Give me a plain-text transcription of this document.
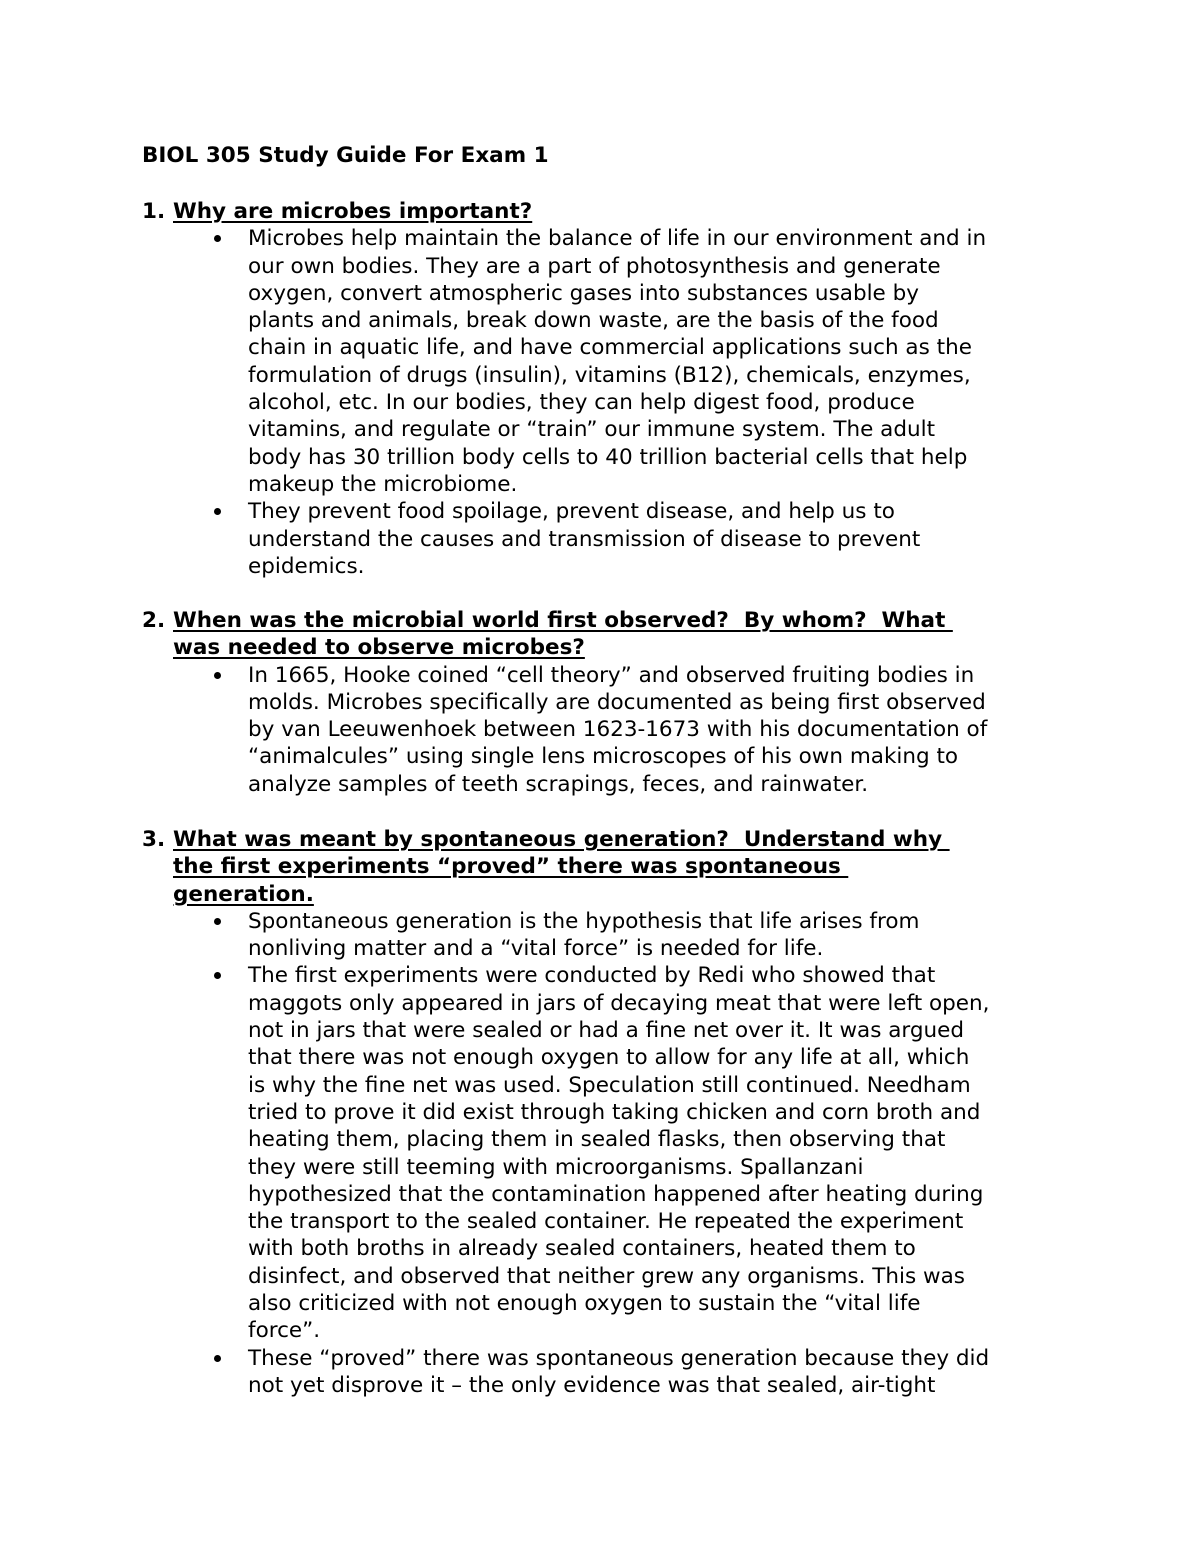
BIOL 305 Study Guide For Exam 1
1. Why are microbes important?
Microbes help maintain the balance of life in our environment and in
our own bodies. They are a part of photosynthesis and generate
oxygen, convert atmospheric gases into substances usable by
plants and animals, break down waste, are the basis of the food
chain in aquatic life, and have commercial applications such as the
formulation of drugs (insulin), vitamins (B12), chemicals, enzymes,
alcohol, etc. In our bodies, they can help digest food, produce
vitamins, and regulate or “train” our immune system. The adult
body has 30 trillion body cells to 40 trillion bacterial cells that help
makeup the microbiome.
They prevent food spoilage, prevent disease, and help us to
understand the causes and transmission of disease to prevent
epidemics.
2. When was the microbial world first observed?  By whom?  What
was needed to observe microbes?
In 1665, Hooke coined “cell theory” and observed fruiting bodies in
molds. Microbes specifically are documented as being first observed
by van Leeuwenhoek between 1623-1673 with his documentation of
“animalcules” using single lens microscopes of his own making to
analyze samples of teeth scrapings, feces, and rainwater.
3. What was meant by spontaneous generation?  Understand why
the first experiments “proved” there was spontaneous
generation.
Spontaneous generation is the hypothesis that life arises from
nonliving matter and a “vital force” is needed for life.
The first experiments were conducted by Redi who showed that
maggots only appeared in jars of decaying meat that were left open,
not in jars that were sealed or had a fine net over it. It was argued
that there was not enough oxygen to allow for any life at all, which
is why the fine net was used. Speculation still continued. Needham
tried to prove it did exist through taking chicken and corn broth and
heating them, placing them in sealed flasks, then observing that
they were still teeming with microorganisms. Spallanzani
hypothesized that the contamination happened after heating during
the transport to the sealed container. He repeated the experiment
with both broths in already sealed containers, heated them to
disinfect, and observed that neither grew any organisms. This was
also criticized with not enough oxygen to sustain the “vital life
force”.
These “proved” there was spontaneous generation because they did
not yet disprove it – the only evidence was that sealed, air-tight
